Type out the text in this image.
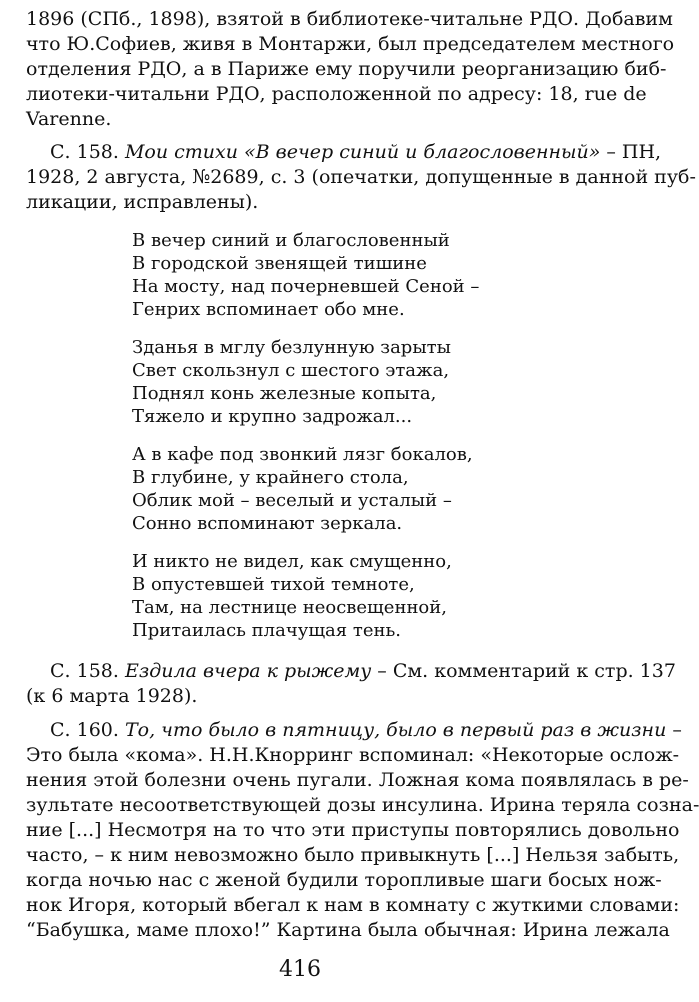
1896 (СПб., 1898), взятой в библиотеке-читальне РДО. Добавим
что Ю.Софиев, живя в Монтаржи, был председателем местного
отделения РДО, а в Париже ему поручили реорганизацию биб-
лиотеки-читальни РДО, расположенной по адресу: 18, rue de
Varenne.
С. 158. Мои стихи «В вечер синий и благословенный» – ПН,
1928, 2 августа, №2689, с. 3 (опечатки, допущенные в данной пуб-
ликации, исправлены).
В вечер синий и благословенный
В городской звенящей тишине
На мосту, над почерневшей Сеной –
Генрих вспоминает обо мне.
Зданья в мглу безлунную зарыты
Свет скользнул с шестого этажа,
Поднял конь железные копыта,
Тяжело и крупно задрожал...
А в кафе под звонкий лязг бокалов,
В глубине, у крайнего стола,
Облик мой – веселый и усталый –
Сонно вспоминают зеркала.
И никто не видел, как смущенно,
В опустевшей тихой темноте,
Там, на лестнице неосвещенной,
Притаилась плачущая тень.
С. 158. Ездила вчера к рыжему – См. комментарий к стр. 137
(к 6 марта 1928).
С. 160. То, что было в пятницу, было в первый раз в жизни –
Это была «кома». Н.Н.Кнорринг вспоминал: «Некоторые ослож-
нения этой болезни очень пугали. Ложная кома появлялась в ре-
зультате несоответствующей дозы инсулина. Ирина теряла созна-
ние [...] Несмотря на то что эти приступы повторялись довольно
часто, – к ним невозможно было привыкнуть [...] Нельзя забыть,
когда ночью нас с женой будили торопливые шаги босых нож-
нок Игоря, который вбегал к нам в комнату с жуткими словами:
“Бабушка, маме плохо!” Картина была обычная: Ирина лежала
416
